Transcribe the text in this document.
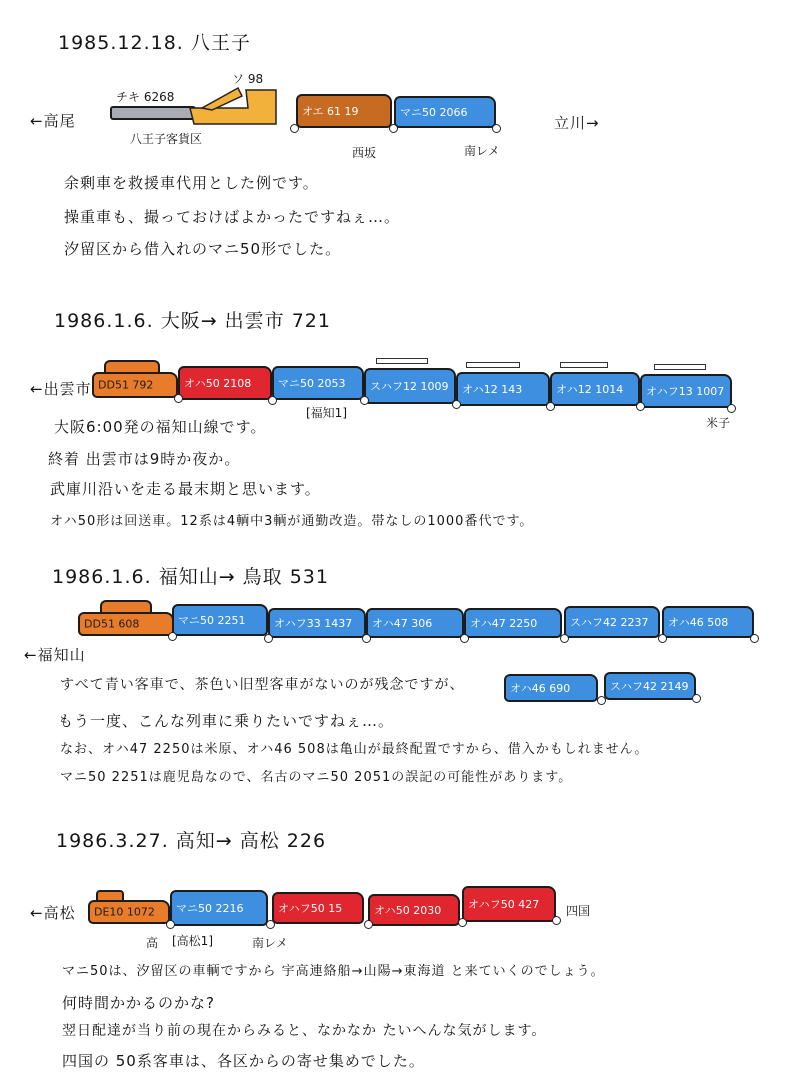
1985.12.18. 八王子
ソ 98
チキ 6268
←高尾	立川→
オエ 61 19	マニ50 2066
八王子客貨区
西坂	南レメ
余剰車を救援車代用とした例です。
操重車も、撮っておけばよかったですねぇ…。
汐留区から借入れのマニ50形でした。
1986.1.6. 大阪→ 出雲市 721
←出雲市 DD51 792	オハ50 2108	マニ50 2053	スハフ12 1009 オハ12 143	オハ12 1014	オハフ13 1007
[福知1]
米子
大阪6:00発の福知山線です。
終着 出雲市は9時か夜か。
武庫川沿いを走る最末期と思います。
オハ50形は回送車。12系は4輌中3輌が通勤改造。帯なしの1000番代です。
1986.1.6. 福知山→ 鳥取 531
DD51 608	マニ50 2251	オハフ33 1437	オハ47 306	オハ47 2250	スハフ42 2237	オハ46 508
←福知山
オハ46 690	スハフ42 2149
すべて青い客車で、茶色い旧型客車がないのが残念ですが、
もう一度、こんな列車に乗りたいですねぇ…。
なお、オハ47 2250は米原、オハ46 508は亀山が最終配置ですから、借入かもしれません。
マニ50 2251は鹿児島なので、名古のマニ50 2051の誤記の可能性があります。
1986.3.27. 高知→ 高松 226
←高松 DE10 1072	マニ50 2216	オハフ50 15	オハ50 2030	オハフ50 427	四国
高 [高松1]	南レメ
マニ50は、汐留区の車輌ですから 宇高連絡船→山陽→東海道 と来ていくのでしょう。
何時間かかるのかな?
翌日配達が当り前の現在からみると、なかなか たいへんな気がします。
四国の 50系客車は、各区からの寄せ集めでした。
